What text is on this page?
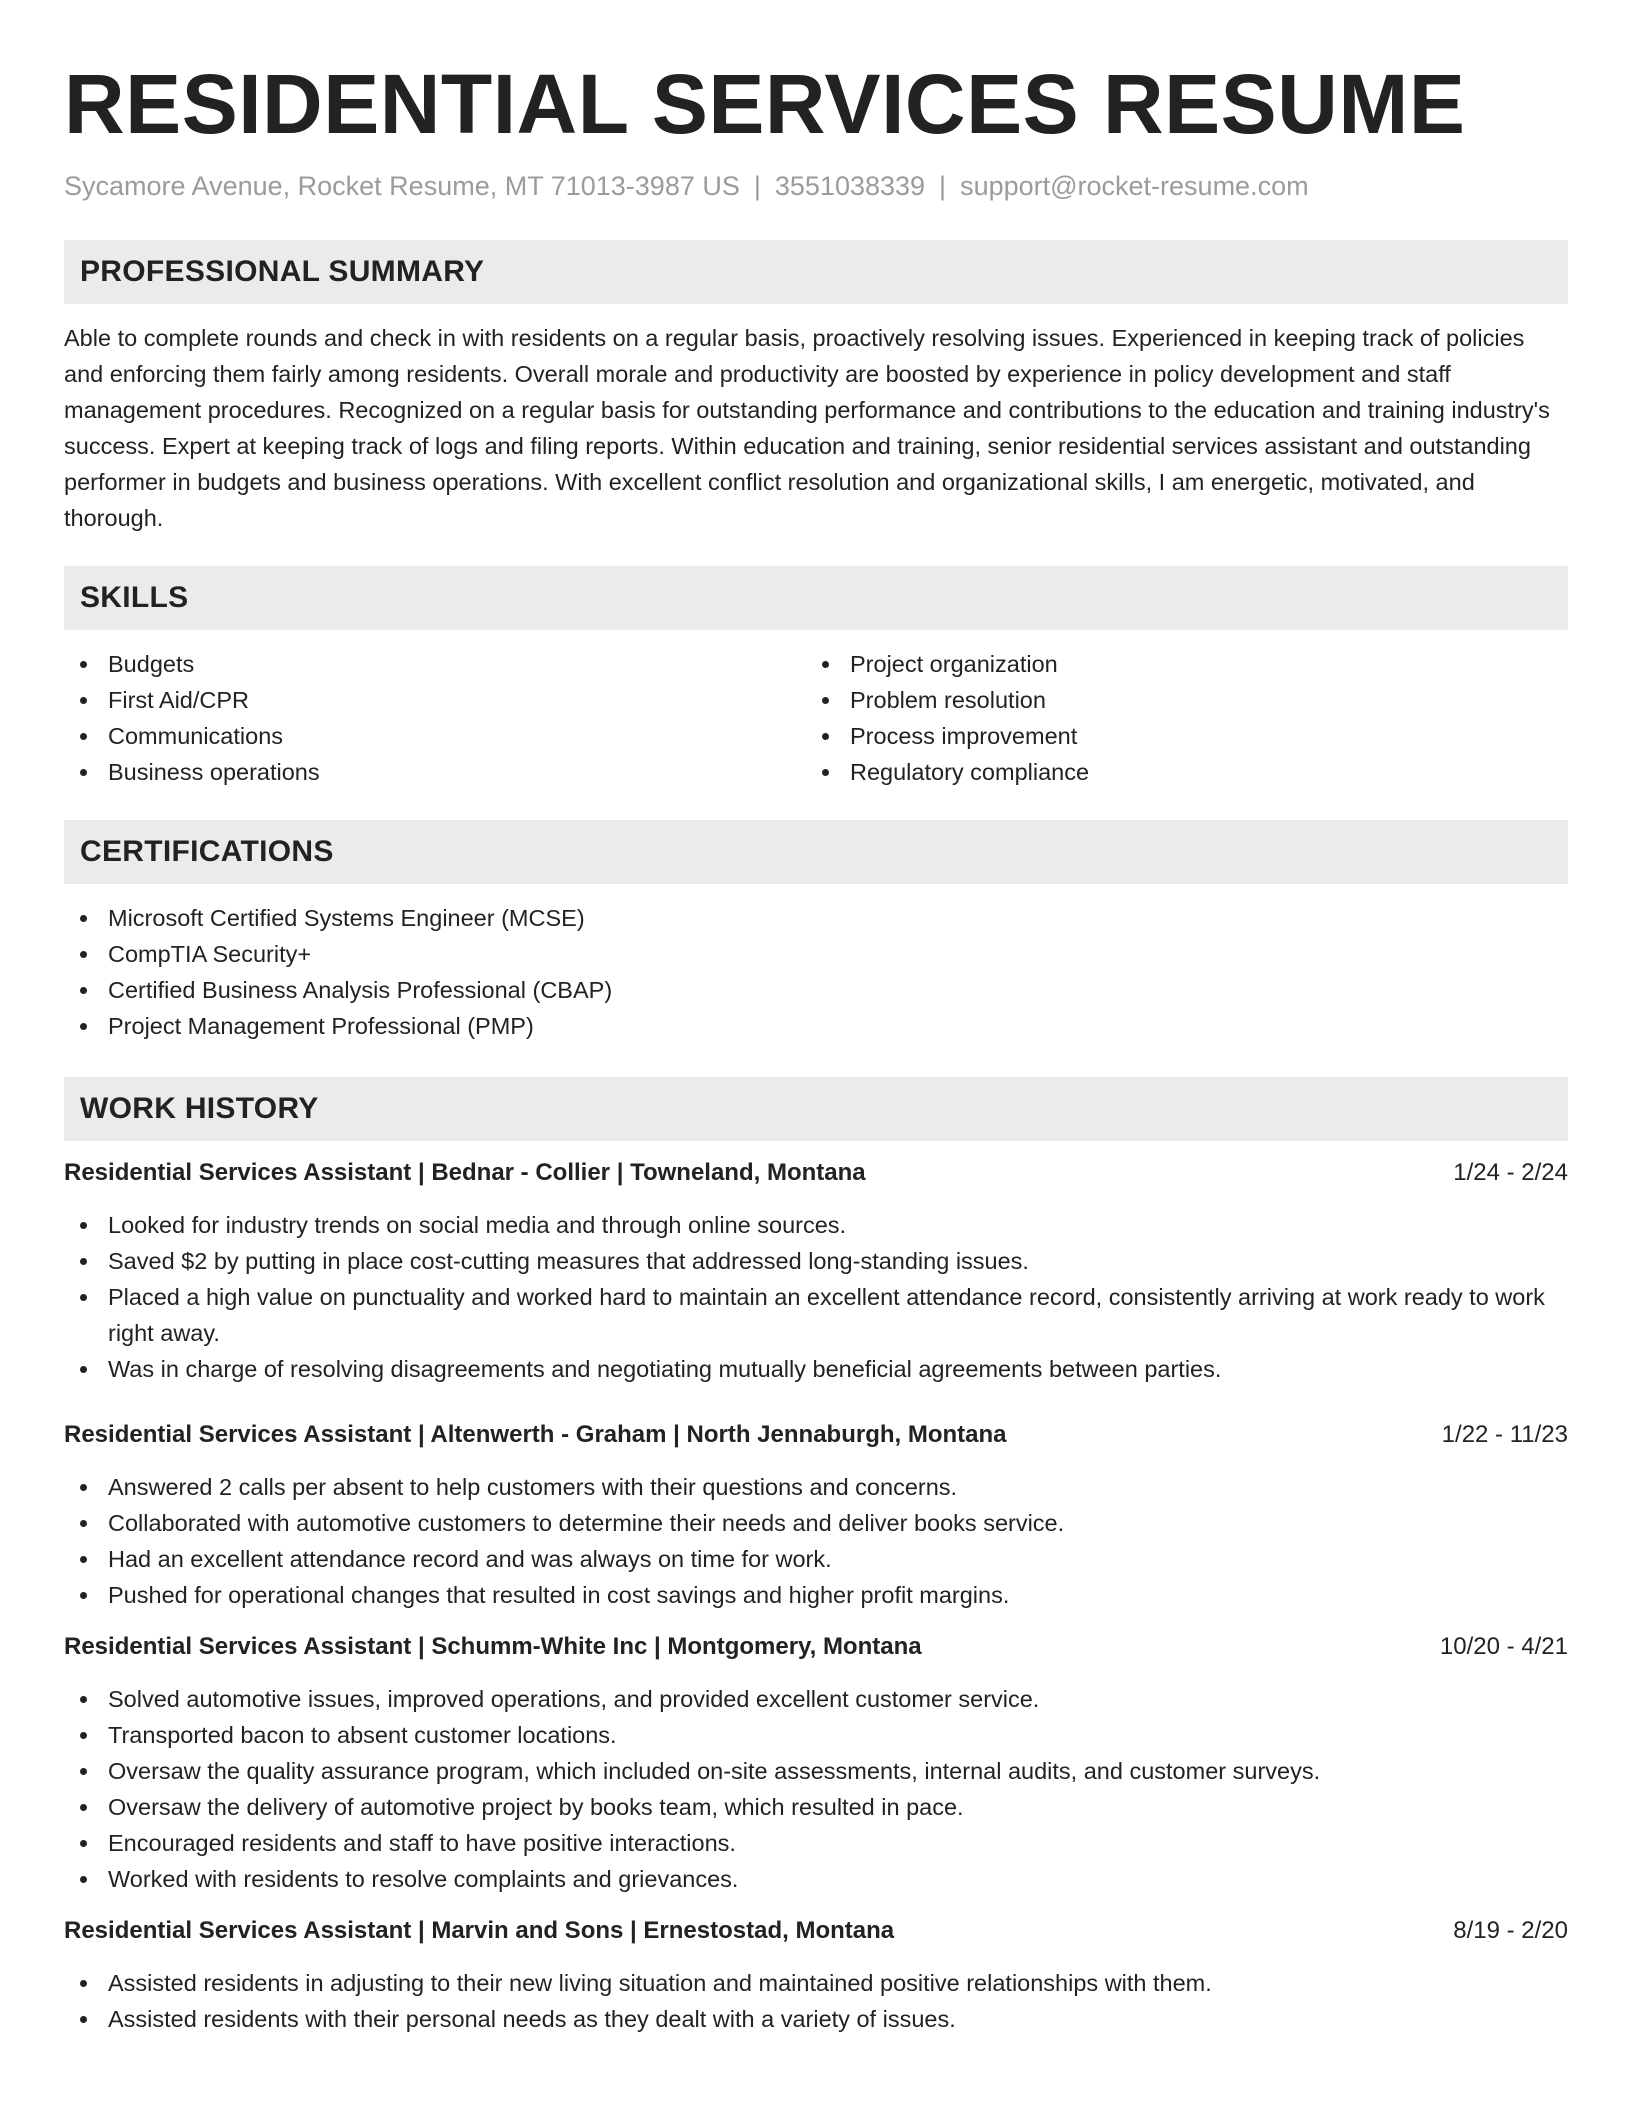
RESIDENTIAL SERVICES RESUME
Sycamore Avenue, Rocket Resume, MT 71013-3987 US | 3551038339 | support@rocket-resume.com
PROFESSIONAL SUMMARY
Able to complete rounds and check in with residents on a regular basis, proactively resolving issues. Experienced in keeping track of policies and enforcing them fairly among residents. Overall morale and productivity are boosted by experience in policy development and staff management procedures. Recognized on a regular basis for outstanding performance and contributions to the education and training industry's success. Expert at keeping track of logs and filing reports. Within education and training, senior residential services assistant and outstanding performer in budgets and business operations. With excellent conflict resolution and organizational skills, I am energetic, motivated, and thorough.
SKILLS
Budgets
First Aid/CPR
Communications
Business operations
Project organization
Problem resolution
Process improvement
Regulatory compliance
CERTIFICATIONS
Microsoft Certified Systems Engineer (MCSE)
CompTIA Security+
Certified Business Analysis Professional (CBAP)
Project Management Professional (PMP)
WORK HISTORY
Residential Services Assistant | Bednar - Collier | Towneland, Montana	1/24 - 2/24
Looked for industry trends on social media and through online sources.
Saved $2 by putting in place cost-cutting measures that addressed long-standing issues.
Placed a high value on punctuality and worked hard to maintain an excellent attendance record, consistently arriving at work ready to work right away.
Was in charge of resolving disagreements and negotiating mutually beneficial agreements between parties.
Residential Services Assistant | Altenwerth - Graham | North Jennaburgh, Montana	1/22 - 11/23
Answered 2 calls per absent to help customers with their questions and concerns.
Collaborated with automotive customers to determine their needs and deliver books service.
Had an excellent attendance record and was always on time for work.
Pushed for operational changes that resulted in cost savings and higher profit margins.
Residential Services Assistant | Schumm-White Inc | Montgomery, Montana	10/20 - 4/21
Solved automotive issues, improved operations, and provided excellent customer service.
Transported bacon to absent customer locations.
Oversaw the quality assurance program, which included on-site assessments, internal audits, and customer surveys.
Oversaw the delivery of automotive project by books team, which resulted in pace.
Encouraged residents and staff to have positive interactions.
Worked with residents to resolve complaints and grievances.
Residential Services Assistant | Marvin and Sons | Ernestostad, Montana	8/19 - 2/20
Assisted residents in adjusting to their new living situation and maintained positive relationships with them.
Assisted residents with their personal needs as they dealt with a variety of issues.
